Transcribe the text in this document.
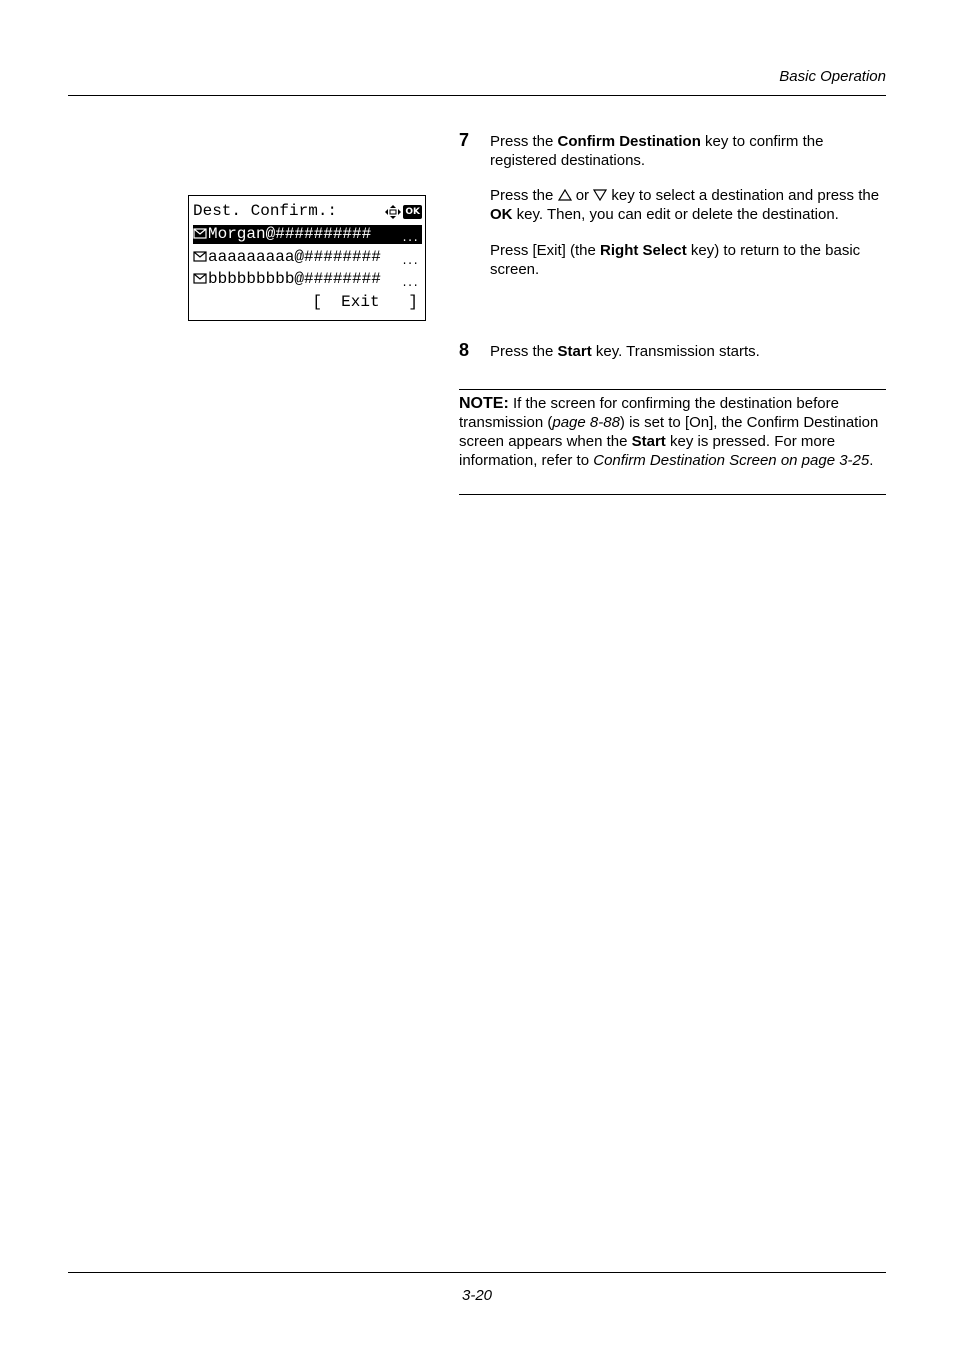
Basic Operation
Dest. Confirm.:	OK
Morgan@##########	...
aaaaaaaaa@######## ...
bbbbbbbbb@######## ...
[  Exit   ]
7 Press the Confirm Destination key to confirm the registered destinations.
Press the  or  key to select a destination and press the OK key. Then, you can edit or delete the destination.
Press [Exit] (the Right Select key) to return to the basic screen.
8 Press the Start key. Transmission starts.
NOTE: If the screen for confirming the destination before transmission (page 8-88) is set to [On], the Confirm Destination screen appears when the Start key is pressed. For more information, refer to Confirm Destination Screen on page 3-25.
3-20
